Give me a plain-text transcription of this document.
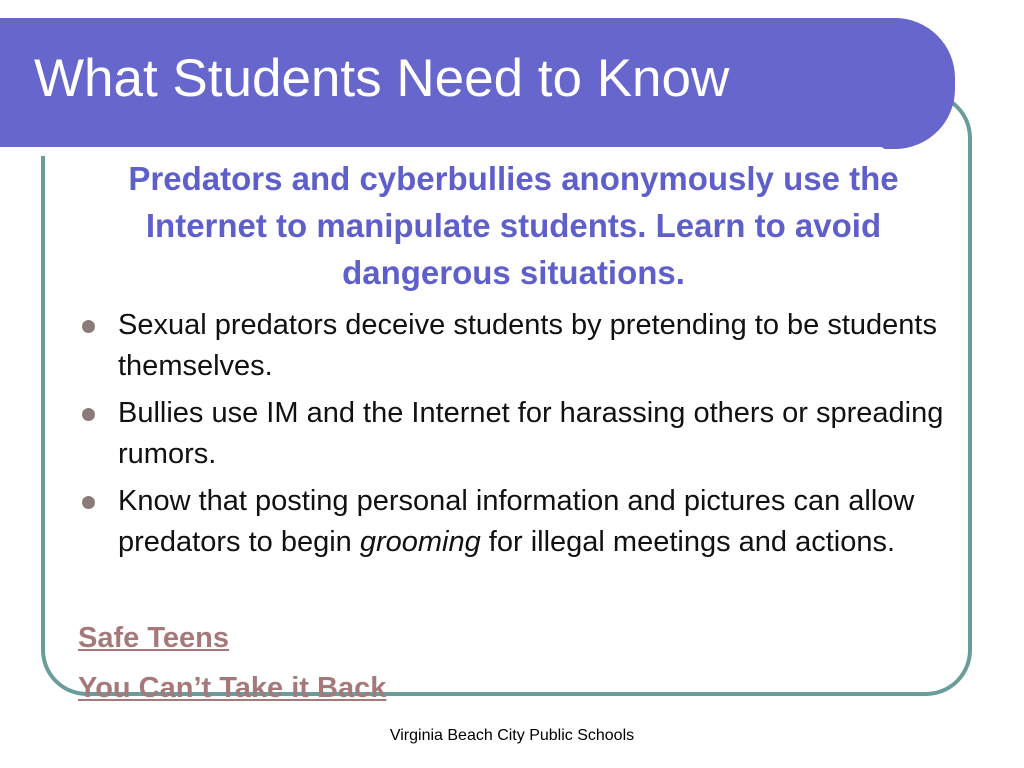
What Students Need to Know

Predators and cyberbullies anonymously use the Internet to manipulate students. Learn to avoid dangerous situations.

Sexual predators deceive students by pretending to be students themselves.
Bullies use IM and the Internet for harassing others or spreading rumors.
Know that posting personal information and pictures can allow predators to begin grooming for illegal meetings and actions.
Safe Teens
You Can’t Take it Back
Virginia Beach City Public Schools
